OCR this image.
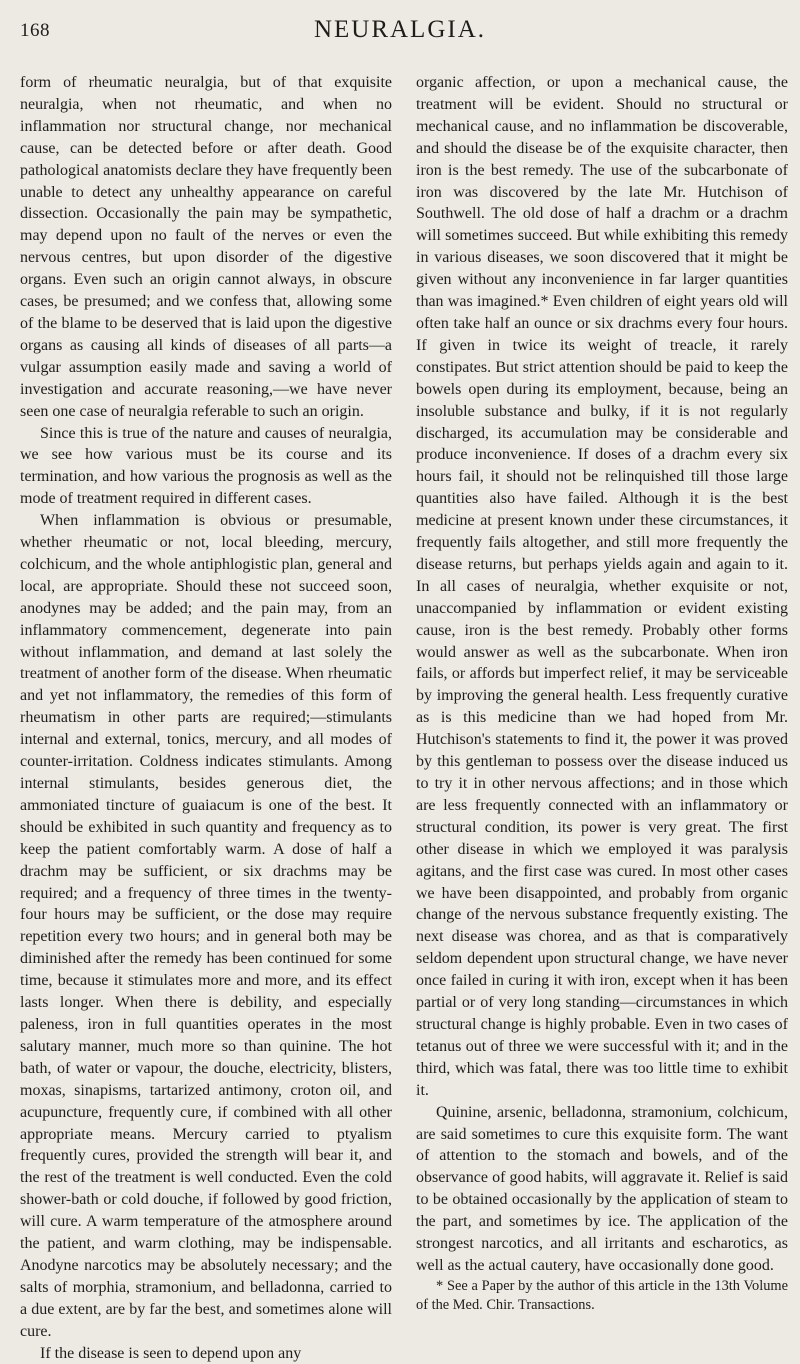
168	NEURALGIA.

form of rheumatic neuralgia, but of that exquisite neuralgia, when not rheumatic, and when no inflammation nor structural change, nor mechanical cause, can be detected before or after death. Good pathological anatomists declare they have frequently been unable to detect any unhealthy appearance on careful dissection. Occasionally the pain may be sympathetic, may depend upon no fault of the nerves or even the nervous centres, but upon disorder of the digestive organs. Even such an origin cannot always, in obscure cases, be presumed; and we confess that, allowing some of the blame to be deserved that is laid upon the digestive organs as causing all kinds of diseases of all parts—a vulgar assumption easily made and saving a world of investigation and accurate reasoning,—we have never seen one case of neuralgia referable to such an origin.

Since this is true of the nature and causes of neuralgia, we see how various must be its course and its termination, and how various the prognosis as well as the mode of treatment required in different cases.

When inflammation is obvious or presumable, whether rheumatic or not, local bleeding, mercury, colchicum, and the whole antiphlogistic plan, general and local, are appropriate. Should these not succeed soon, anodynes may be added; and the pain may, from an inflammatory commencement, degenerate into pain without inflammation, and demand at last solely the treatment of another form of the disease. When rheumatic and yet not inflammatory, the remedies of this form of rheumatism in other parts are required;—stimulants internal and external, tonics, mercury, and all modes of counter-irritation. Coldness indicates stimulants. Among internal stimulants, besides generous diet, the ammoniated tincture of guaiacum is one of the best. It should be exhibited in such quantity and frequency as to keep the patient comfortably warm. A dose of half a drachm may be sufficient, or six drachms may be required; and a frequency of three times in the twenty-four hours may be sufficient, or the dose may require repetition every two hours; and in general both may be diminished after the remedy has been continued for some time, because it stimulates more and more, and its effect lasts longer. When there is debility, and especially paleness, iron in full quantities operates in the most salutary manner, much more so than quinine. The hot bath, of water or vapour, the douche, electricity, blisters, moxas, sinapisms, tartarized antimony, croton oil, and acupuncture, frequently cure, if combined with all other appropriate means. Mercury carried to ptyalism frequently cures, provided the strength will bear it, and the rest of the treatment is well conducted. Even the cold shower-bath or cold douche, if followed by good friction, will cure. A warm temperature of the atmosphere around the patient, and warm clothing, may be indispensable. Anodyne narcotics may be absolutely necessary; and the salts of morphia, stramonium, and belladonna, carried to a due extent, are by far the best, and sometimes alone will cure.

If the disease is seen to depend upon any

organic affection, or upon a mechanical cause, the treatment will be evident. Should no structural or mechanical cause, and no inflammation be discoverable, and should the disease be of the exquisite character, then iron is the best remedy. The use of the subcarbonate of iron was discovered by the late Mr. Hutchison of Southwell. The old dose of half a drachm or a drachm will sometimes succeed. But while exhibiting this remedy in various diseases, we soon discovered that it might be given without any inconvenience in far larger quantities than was imagined.* Even children of eight years old will often take half an ounce or six drachms every four hours. If given in twice its weight of treacle, it rarely constipates. But strict attention should be paid to keep the bowels open during its employment, because, being an insoluble substance and bulky, if it is not regularly discharged, its accumulation may be considerable and produce inconvenience. If doses of a drachm every six hours fail, it should not be relinquished till those large quantities also have failed. Although it is the best medicine at present known under these circumstances, it frequently fails altogether, and still more frequently the disease returns, but perhaps yields again and again to it. In all cases of neuralgia, whether exquisite or not, unaccompanied by inflammation or evident existing cause, iron is the best remedy. Probably other forms would answer as well as the subcarbonate. When iron fails, or affords but imperfect relief, it may be serviceable by improving the general health. Less frequently curative as is this medicine than we had hoped from Mr. Hutchison's statements to find it, the power it was proved by this gentleman to possess over the disease induced us to try it in other nervous affections; and in those which are less frequently connected with an inflammatory or structural condition, its power is very great. The first other disease in which we employed it was paralysis agitans, and the first case was cured. In most other cases we have been disappointed, and probably from organic change of the nervous substance frequently existing. The next disease was chorea, and as that is comparatively seldom dependent upon structural change, we have never once failed in curing it with iron, except when it has been partial or of very long standing—circumstances in which structural change is highly probable. Even in two cases of tetanus out of three we were successful with it; and in the third, which was fatal, there was too little time to exhibit it.

Quinine, arsenic, belladonna, stramonium, colchicum, are said sometimes to cure this exquisite form. The want of attention to the stomach and bowels, and of the observance of good habits, will aggravate it. Relief is said to be obtained occasionally by the application of steam to the part, and sometimes by ice. The application of the strongest narcotics, and all irritants and escharotics, as well as the actual cautery, have occasionally done good.

* See a Paper by the author of this article in the 13th Volume of the Med. Chir. Transactions.
